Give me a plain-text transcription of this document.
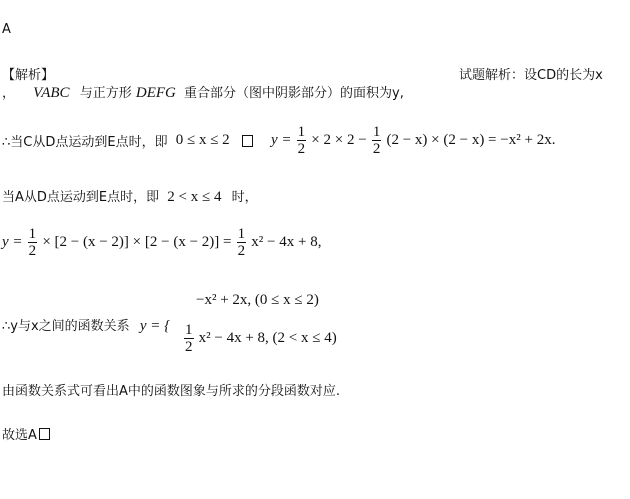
A
【解析】	试题解析：设CD的长为x
， VABC 与正方形 DEFG 重合部分（图中阴影部分）的面积为y,
∴当C从D点运动到E点时，即 0 ≤ x ≤ 2	$y = \frac{1}{2} \times 2 \times 2 - \frac{1}{2} (2 - x) \times (2 - x) = -x^2 + 2x$.
当A从D点运动到E点时，即 2 < x ≤ 4 时，
$y = \frac{1}{2} \times [2 - (x - 2)] \times [2 - (x - 2)] = \frac{1}{2} x^2 - 4x + 8$,
∴y与x之间的函数关系 y = {
−x² + 2x, (0 ≤ x ≤ 2)
$\frac{1}{2} x^2 - 4x + 8$, (2 < x ≤ 4)
由函数关系式可看出A中的函数图象与所求的分段函数对应.
故选A
